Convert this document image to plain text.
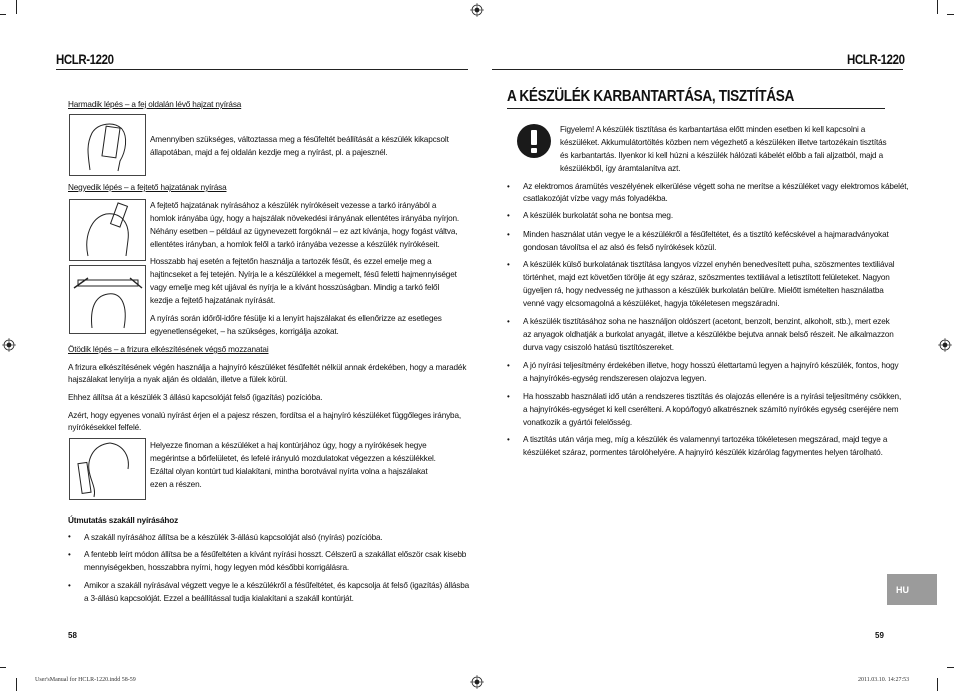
HCLR-1220	HCLR-1220
Harmadik lépés – a fej oldalán lévő hajzat nyírása
Amennyiben szükséges, változtassa meg a fésűfeltét beállítását a készülék kikapcsolt
állapotában, majd a fej oldalán kezdje meg a nyírást, pl. a pajesznél.
Negyedik lépés – a fejtető hajzatának nyírása
A fejtető hajzatának nyírásához a készülék nyírókéseit vezesse a tarkó irányából a
homlok irányába úgy, hogy a hajszálak növekedési irányának ellentétes irányába nyírjon.
Néhány esetben – például az ügynevezett forgóknál – ez azt kívánja, hogy fogást váltva,
ellentétes irányban, a homlok felől a tarkó irányába vezesse a készülék nyírókéseit.
Hosszabb haj esetén a fejtetőn használja a tartozék fésűt, és ezzel emelje meg a
hajtincseket a fej tetején. Nyírja le a készülékkel a megemelt, fésű feletti hajmennyiséget
vagy emelje meg két ujjával és nyírja le a kívánt hosszúságban. Mindig a tarkó felől
kezdje a fejtető hajzatának nyírását.
A nyírás során időről-időre fésülje ki a lenyírt hajszálakat és ellenőrizze az esetleges
egyenetlenségeket, – ha szükséges, korrigálja azokat.
Ötödik lépés – a frizura elkészítésének végső mozzanatai
A frizura elkészítésének végén használja a hajnyíró készüléket fésűfeltét nélkül annak érdekében, hogy a maradék
hajszálakat lenyírja a nyak alján és oldalán, illetve a fülek körül.
Ehhez állítsa át a készülék 3 állású kapcsolóját felső (igazítás) pozícióba.
Azért, hogy egyenes vonalú nyírást érjen el a pajesz részen, fordítsa el a hajnyíró készüléket függőleges irányba,
nyírókésekkel felfelé.
Helyezze finoman a készüléket a haj kontúrjához úgy, hogy a nyírókések hegye
megérintse a bőrfelületet, és lefelé irányuló mozdulatokat végezzen a készülékkel.
Ezáltal olyan kontúrt tud kialakítani, mintha borotvával nyírta volna a hajszálakat
ezen a részen.
Útmutatás szakáll nyírásához
• A szakáll nyírásához állítsa be a készülék 3-állású kapcsolóját alsó (nyírás) pozícióba.
• A fentebb leírt módon állítsa be a fésűfeltéten a kívánt nyírási hosszt. Célszerű a szakállat először csak kisebb
mennyiségekben, hosszabbra nyírni, hogy legyen mód későbbi korrigálásra.
• Amikor a szakáll nyírásával végzett vegye le a készülékről a fésűfeltétet, és kapcsolja át felső (igazítás) állásba
a 3-állású kapcsolóját. Ezzel a beállítással tudja kialakítani a szakáll kontúrját.
58
A KÉSZÜLÉK KARBANTARTÁSA, TISZTÍTÁSA
Figyelem! A készülék tisztítása és karbantartása előtt minden esetben ki kell kapcsolni a
készüléket. Akkumulátortöltés közben nem végezhető a készüléken illetve tartozékain tisztítás
és karbantartás. Ilyenkor ki kell húzni a készülék hálózati kábelét előbb a fali aljzatból, majd a
készülékből, így áramtalanítva azt.
• Az elektromos áramütés veszélyének elkerülése végett soha ne merítse a készüléket vagy elektromos kábelét,
csatlakozóját vízbe vagy más folyadékba.
• A készülék burkolatát soha ne bontsa meg.
• Minden használat után vegye le a készülékről a fésűfeltétet, és a tisztító kefécskével a hajmaradványokat
gondosan távolítsa el az alsó és felső nyírókések közül.
• A készülék külső burkolatának tisztítása langyos vízzel enyhén benedvesített puha, szöszmentes textiliával
történhet, majd ezt követően törölje át egy száraz, szöszmentes textiliával a letisztított felületeket. Nagyon
ügyeljen rá, hogy nedvesség ne juthasson a készülék burkolatán belülre. Mielőtt ismételten használatba
venné vagy elcsomagolná a készüléket, hagyja tökéletesen megszáradni.
• A készülék tisztításához soha ne használjon oldószert (acetont, benzolt, benzint, alkoholt, stb.), mert ezek
az anyagok oldhatják a burkolat anyagát, illetve a készülékbe bejutva annak belső részeit. Ne alkalmazzon
durva vagy csiszoló hatású tisztítószereket.
• A jó nyírási teljesítmény érdekében illetve, hogy hosszú élettartamú legyen a hajnyíró készülék, fontos, hogy
a hajnyírókés-egység rendszeresen olajozva legyen.
• Ha hosszabb használati idő után a rendszeres tisztítás és olajozás ellenére is a nyírási teljesítmény csökken,
a hajnyírókés-egységet ki kell cserélteni. A kopó/fogyó alkatrésznek számító nyírókés egység cseréjére nem
vonatkozik a gyártói felelősség.
• A tisztítás után várja meg, míg a készülék és valamennyi tartozéka tökéletesen megszárad, majd tegye a
készüléket száraz, pormentes tárolóhelyére. A hajnyíró készülék kizárólag fagymentes helyen tárolható.
HU
59
User'sManual for HCLR-1220.indd 58-59	2011.03.10. 14:27:53
